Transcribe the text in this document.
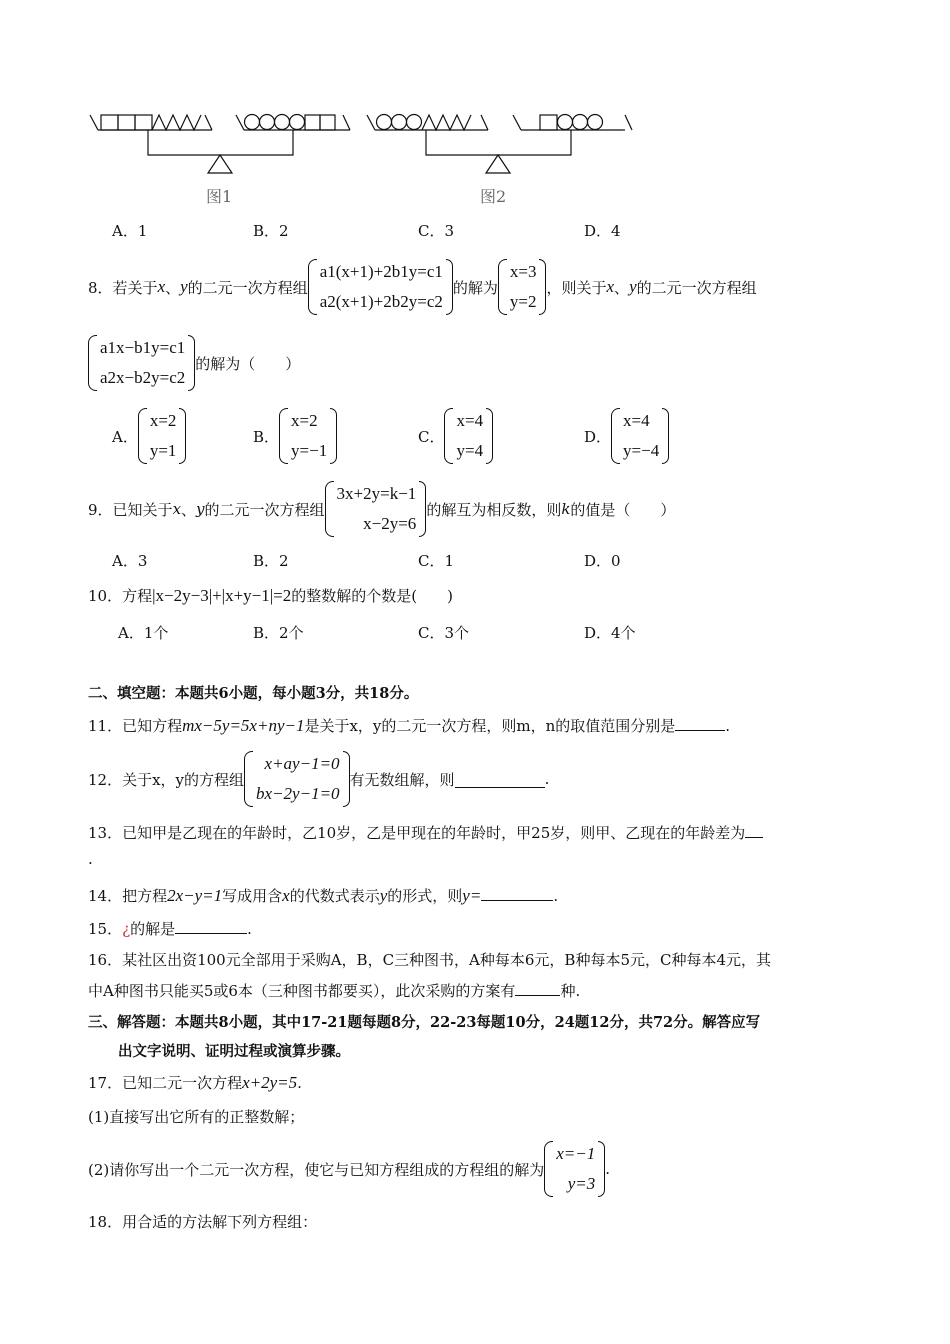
图1	图2
A．1	B．2	C．3	D．4
8． 若关于 x 、 y 的二元一次方程组
a1(x+1)+2b1y=c1
a2(x+1)+2b2y=c2
的解为
x=3
y=2
，则关于 x 、 y 的二元一次方程组
a1x−b1y=c1
a2x−b2y=c2
的解为（　　）
A．
x=2
y=1
B．
x=2
y=−1
C．
x=4
y=4
D．
x=4
y=−4
9． 已知关于 x 、 y 的二元一次方程组
3x+2y=k−1
x−2y=6
的解互为相反数，则 k 的值是（　　）
A．3	B．2	C．1	D．0
10．方程|x−2y−3|+|x+y−1|=2的整数解的个数是(　　)
A．1个	B．2个	C．3个	D．4个
二、填空题：本题共6小题，每小题3分，共18分。
11．已知方程mx−5y=5x+ny−1是关于x，y的二元一次方程，则m，n的取值范围分别是	.
12． 关于x，y的方程组
x+ay−1=0
bx−2y−1=0
有无数组解，则	.
13．已知甲是乙现在的年龄时，乙10岁，乙是甲现在的年龄时，甲25岁，则甲、乙现在的年龄差为
.
14．把方程2x−y=1写成用含x的代数式表示y的形式，则y=	.
15．¿的解是	.
16．某社区出资100元全部用于采购A，B，C三种图书，A种每本6元，B种每本5元，C种每本4元，其
中A种图书只能买5或6本（三种图书都要买），此次采购的方案有	种.
三、解答题：本题共8小题，其中17-21题每题8分，22-23每题10分，24题12分，共72分。解答应写
出文字说明、证明过程或演算步骤。
17．已知二元一次方程x+2y=5.
(1)直接写出它所有的正整数解；
(2)请你写出一个二元一次方程，使它与已知方程组成的方程组的解为
x=−1
y=3
.
18．用合适的方法解下列方程组：
